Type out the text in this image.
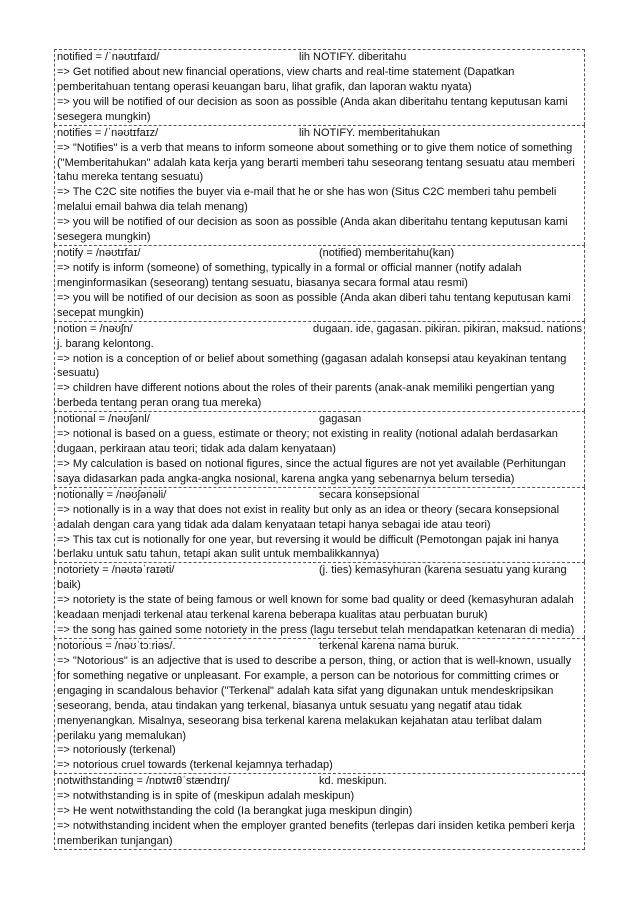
notified = /ˈnəʊtɪfaɪd/	lih NOTIFY. diberitahu
=> Get notified about new financial operations, view charts and real-time statement (Dapatkan pemberitahuan tentang operasi keuangan baru, lihat grafik, dan laporan waktu nyata)
=> you will be notified of our decision as soon as possible (Anda akan diberitahu tentang keputusan kami sesegera mungkin)
notifies = /ˈnəʊtɪfaɪz/	lih NOTIFY. memberitahukan
=> "Notifies" is a verb that means to inform someone about something or to give them notice of something ("Memberitahukan" adalah kata kerja yang berarti memberi tahu seseorang tentang sesuatu atau memberi tahu mereka tentang sesuatu)
=> The C2C site notifies the buyer via e-mail that he or she has won (Situs C2C memberi tahu pembeli melalui email bahwa dia telah menang)
=> you will be notified of our decision as soon as possible (Anda akan diberitahu tentang keputusan kami sesegera mungkin)
notify = /nəʊtɪfaɪ/	(notified) memberitahu(kan)
=> notify is inform (someone) of something, typically in a formal or official manner (notify adalah menginformasikan (seseorang) tentang sesuatu, biasanya secara formal atau resmi)
=> you will be notified of our decision as soon as possible (Anda akan diberi tahu tentang keputusan kami secepat mungkin)
notion = /nəʊʃn/	dugaan. ide, gagasan. pikiran. pikiran, maksud. nations
j. barang kelontong.
=> notion is a conception of or belief about something (gagasan adalah konsepsi atau keyakinan tentang sesuatu)
=> children have different notions about the roles of their parents (anak-anak memiliki pengertian yang berbeda tentang peran orang tua mereka)
notional = /nəʊʃənl/	gagasan
=> notional is based on a guess, estimate or theory; not existing in reality (notional adalah berdasarkan dugaan, perkiraan atau teori; tidak ada dalam kenyataan)
=> My calculation is based on notional figures, since the actual figures are not yet available (Perhitungan saya didasarkan pada angka-angka nosional, karena angka yang sebenarnya belum tersedia)
notionally = /nəʊʃənəli/	secara konsepsional
=> notionally is in a way that does not exist in reality but only as an idea or theory (secara konsepsional adalah dengan cara yang tidak ada dalam kenyataan tetapi hanya sebagai ide atau teori)
=> This tax cut is notionally for one year, but reversing it would be difficult (Pemotongan pajak ini hanya berlaku untuk satu tahun, tetapi akan sulit untuk membalikkannya)
notoriety = /nəʊtəˈraɪəti/	(j. ties) kemasyhuran (karena sesuatu yang kurang
baik)
=> notoriety is the state of being famous or well known for some bad quality or deed (kemasyhuran adalah keadaan menjadi terkenal atau terkenal karena beberapa kualitas atau perbuatan buruk)
=> the song has gained some notoriety in the press (lagu tersebut telah mendapatkan ketenaran di media)
notorious = /nəʊˈtɔːriəs/.	terkenal karena nama buruk.
=> "Notorious" is an adjective that is used to describe a person, thing, or action that is well-known, usually for something negative or unpleasant. For example, a person can be notorious for committing crimes or engaging in scandalous behavior ("Terkenal" adalah kata sifat yang digunakan untuk mendeskripsikan seseorang, benda, atau tindakan yang terkenal, biasanya untuk sesuatu yang negatif atau tidak menyenangkan. Misalnya, seseorang bisa terkenal karena melakukan kejahatan atau terlibat dalam perilaku yang memalukan)
=> notoriously (terkenal)
=> notorious cruel towards (terkenal kejamnya terhadap)
notwithstanding = /nɒtwɪθˈstændɪŋ/	kd. meskipun.
=> notwithstanding is in spite of (meskipun adalah meskipun)
=> He went notwithstanding the cold (Ia berangkat juga meskipun dingin)
=> notwithstanding incident when the employer granted benefits (terlepas dari insiden ketika pemberi kerja memberikan tunjangan)
